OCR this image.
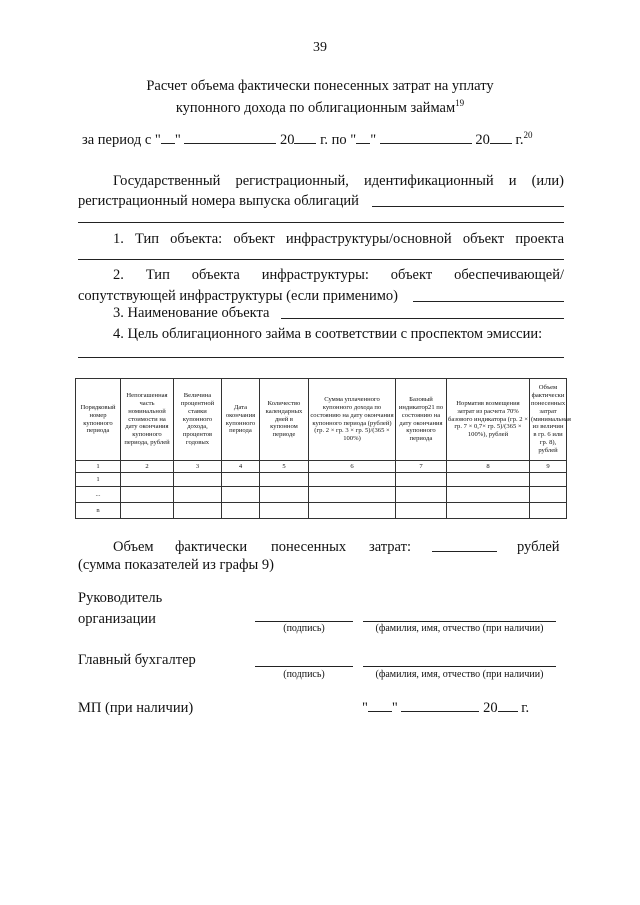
39
Расчет объема фактически понесенных затрат на уплату
купонного дохода по облигационным займам$^{19}$
за период с " "	20 г. по " "	20 г.$^{20}$
Государственный регистрационный, идентификационный и (или)
регистрационный номера выпуска облигаций
1. Тип объекта: объект инфраструктуры/основной объект проекта
2. Тип объекта инфраструктуры: объект обеспечивающей/
сопутствующей инфраструктуры (если применимо)
3. Наименование объекта
4. Цель облигационного займа в соответствии с проспектом эмиссии:
Порядковый номер купонного периода	Непогашенная часть номинальной стоимости на дату окончания купонного периода, рублей	Величина процентной ставки купонного дохода, процентов годовых	Дата окончания купонного периода	Количество календарных дней в купонном периоде	Сумма уплаченного купонного дохода по состоянию на дату окончания купонного периода (рублей) (гр. 2 × гр. 3 × гр. 5)/(365 × 100%)	Базовый индикатор21 по состоянию на дату окончания купонного периода	Норматив возмещения затрат из расчета 70% базового индикатора (гр. 2 × гр. 7 × 0,7× гр. 5)/(365 × 100%), рублей	Объем фактически понесенных затрат (минимальная из величин в гр. 6 или гр. 8), рублей
1	2	3	4	5	6	7	8	9
1								
...								
n								
Объем фактически понесенных затрат:	рублей
(сумма показателей из графы 9)
Руководитель
организации
(подпись)	(фамилия, имя, отчество (при наличии)
Главный бухгалтер
(подпись)	(фамилия, имя, отчество (при наличии)
МП (при наличии)	" "	20 г.
